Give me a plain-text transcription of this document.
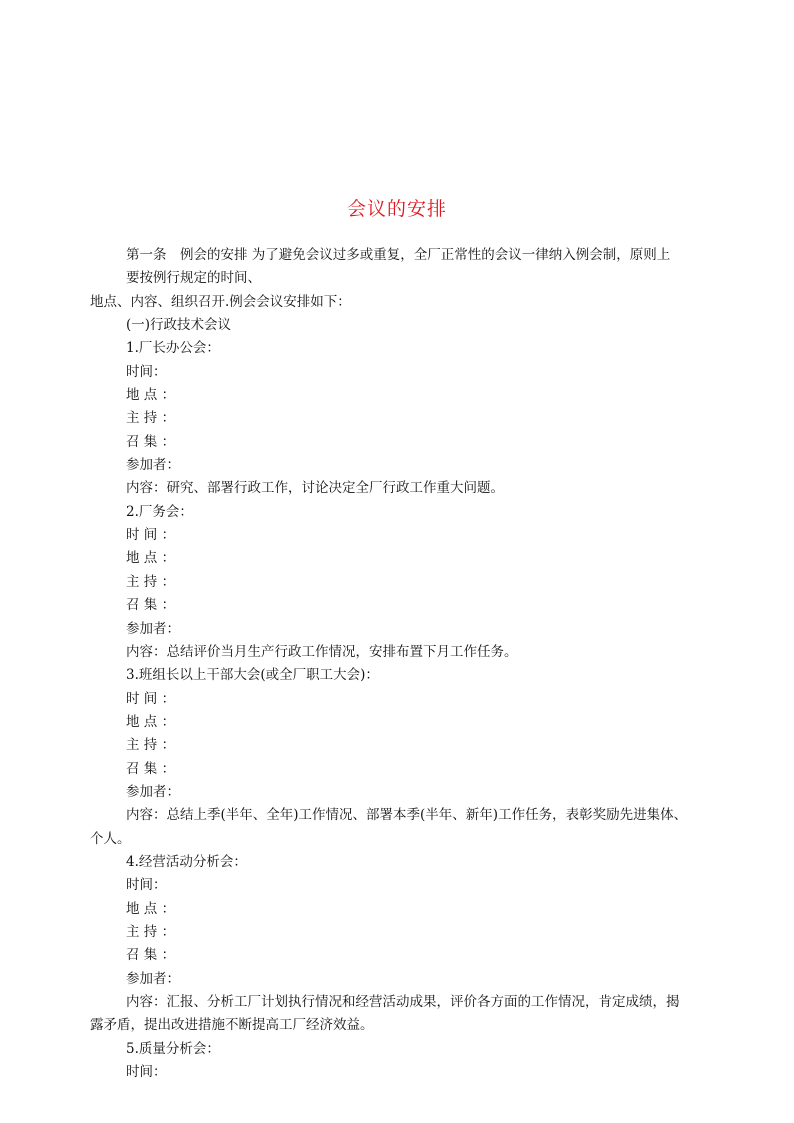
会议的安排
第一条　例会的安排 为了避免会议过多或重复，全厂正常性的会议一律纳入例会制，原则上
要按例行规定的时间、
地点、内容、组织召开.例会会议安排如下：
(一)行政技术会议
1.厂长办公会：
时间：
地 点 ：
主 持 ：
召 集 ：
参加者：
内容：研究、部署行政工作，讨论决定全厂行政工作重大问题。
2.厂务会：
时 间 ：
地 点 ：
主 持 ：
召 集 ：
参加者：
内容：总结评价当月生产行政工作情况，安排布置下月工作任务。
3.班组长以上干部大会(或全厂职工大会)：
时 间 ：
地 点 ：
主 持 ：
召 集 ：
参加者：
内容：总结上季(半年、全年)工作情况、部署本季(半年、新年)工作任务，表彰奖励先进集体、
个人。
4.经营活动分析会：
时间：
地 点 ：
主 持 ：
召 集 ：
参加者：
内容：汇报、分析工厂计划执行情况和经营活动成果，评价各方面的工作情况，肯定成绩，揭
露矛盾，提出改进措施不断提高工厂经济效益。
5.质量分析会：
时间：
